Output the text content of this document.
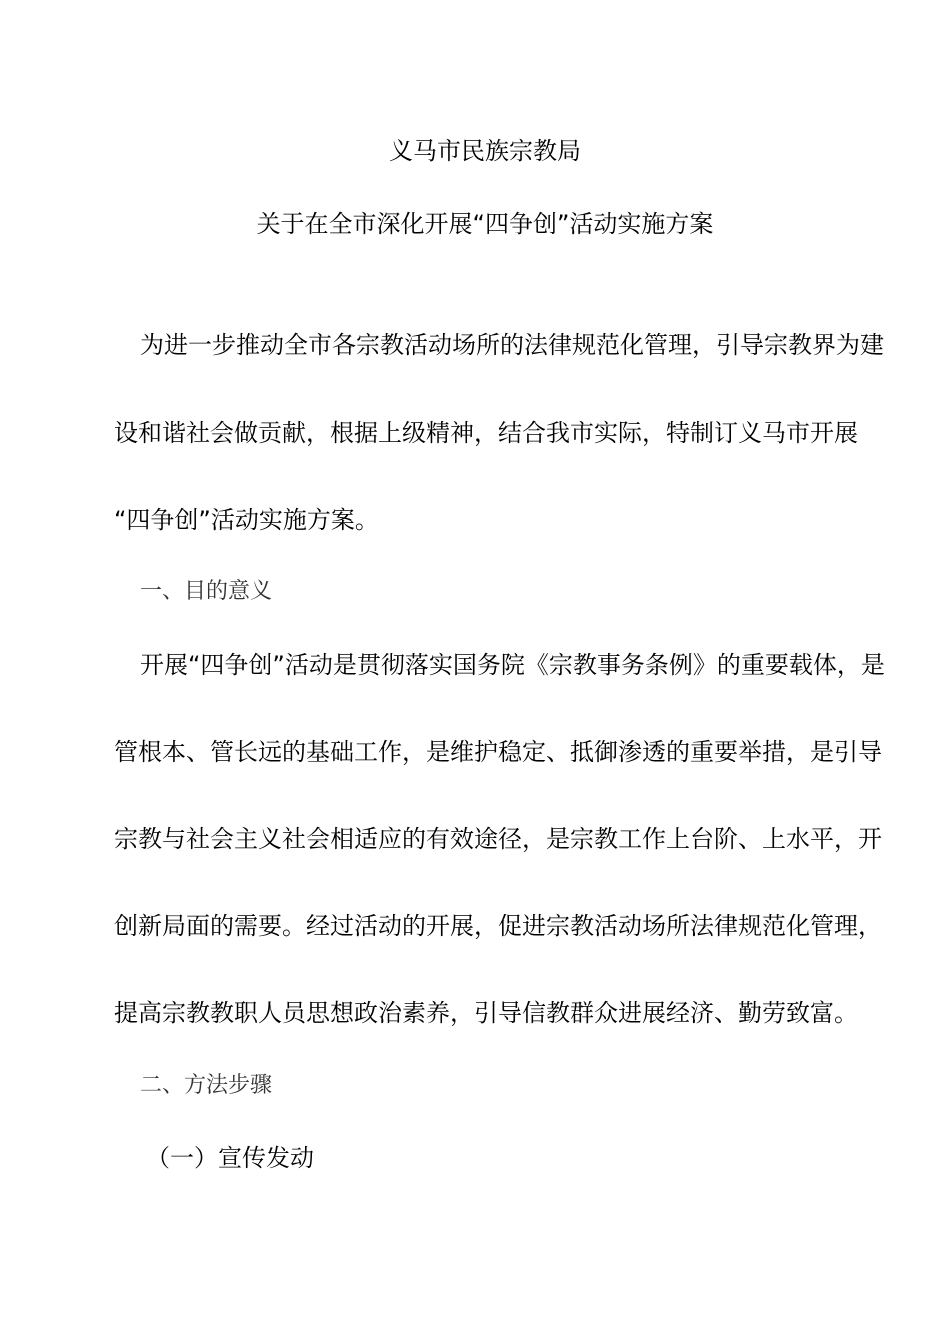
义马市民族宗教局
关于在全市深化开展“四争创”活动实施方案
为进一步推动全市各宗教活动场所的法律规范化管理，引导宗教界为建
设和谐社会做贡献，根据上级精神，结合我市实际，特制订义马市开展
“四争创”活动实施方案。
一、目的意义
开展“四争创”活动是贯彻落实国务院《宗教事务条例》的重要载体，是
管根本、管长远的基础工作，是维护稳定、抵御渗透的重要举措，是引导
宗教与社会主义社会相适应的有效途径，是宗教工作上台阶、上水平，开
创新局面的需要。经过活动的开展，促进宗教活动场所法律规范化管理，
提高宗教教职人员思想政治素养，引导信教群众进展经济、勤劳致富。
二、方法步骤
（一）宣传发动
